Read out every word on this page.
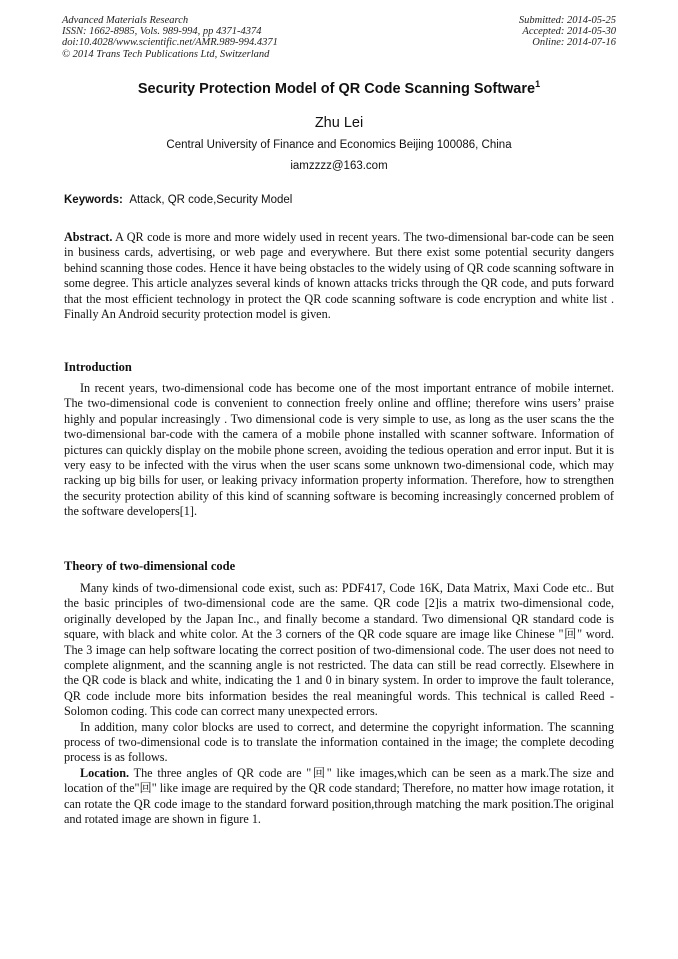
Advanced Materials Research
ISSN: 1662-8985, Vols. 989-994, pp 4371-4374
doi:10.4028/www.scientific.net/AMR.989-994.4371
© 2014 Trans Tech Publications Ltd, Switzerland
Submitted: 2014-05-25
Accepted: 2014-05-30
Online: 2014-07-16
Security Protection Model of QR Code Scanning Software$^1$
Zhu Lei
Central University of Finance and Economics Beijing 100086, China
iamzzzz@163.com
Keywords: Attack, QR code,Security Model

Abstract. A QR code is more and more widely used in recent years. The two-dimensional bar-code can be seen in business cards, advertising, or web page and everywhere. But there exist some potential security dangers behind scanning those codes. Hence it have being obstacles to the widely using of QR code scanning software in some degree. This article analyzes several kinds of known attacks tricks through the QR code, and puts forward that the most efficient technology in protect the QR code scanning software is code encryption and white list . Finally An Android security protection model is given.

Introduction

In recent years, two-dimensional code has become one of the most important entrance of mobile internet. The two-dimensional code is convenient to connection freely online and offline; therefore wins users’ praise highly and popular increasingly . Two dimensional code is very simple to use, as long as the user scans the the two-dimensional bar-code with the camera of a mobile phone installed with scanner software. Information of pictures can quickly display on the mobile phone screen, avoiding the tedious operation and error input. But it is very easy to be infected with the virus when the user scans some unknown two-dimensional code, which may racking up big bills for user, or leaking privacy information property information. Therefore, how to strengthen the security protection ability of this kind of scanning software is becoming increasingly concerned problem of the software developers[1].

Theory of two-dimensional code

Many kinds of two-dimensional code exist, such as: PDF417, Code 16K, Data Matrix, Maxi Code etc.. But the basic principles of two-dimensional code are the same. QR code [2]is a matrix two-dimensional code, originally developed by the Japan Inc., and finally become a standard. Two dimensional QR standard code is square, with black and white color. At the 3 corners of the QR code square are image like Chinese "回" word. The 3 image can help software locating the correct position of two-dimensional code. The user does not need to complete alignment, and the scanning angle is not restricted. The data can still be read correctly. Elsewhere in the QR code is black and white, indicating the 1 and 0 in binary system. In order to improve the fault tolerance, QR code include more bits information besides the real meaningful words. This technical is called Reed -Solomon coding. This code can correct many unexpected errors.

In addition, many color blocks are used to correct, and determine the copyright information. The scanning process of two-dimensional code is to translate the information contained in the image; the complete decoding process is as follows.

Location. The three angles of QR code are "回" like images,which can be seen as a mark.The size and location of the"回" like image are required by the QR code standard; Therefore, no matter how image rotation, it can rotate the QR code image to the standard forward position,through matching the mark position.The original and rotated image are shown in figure 1.
